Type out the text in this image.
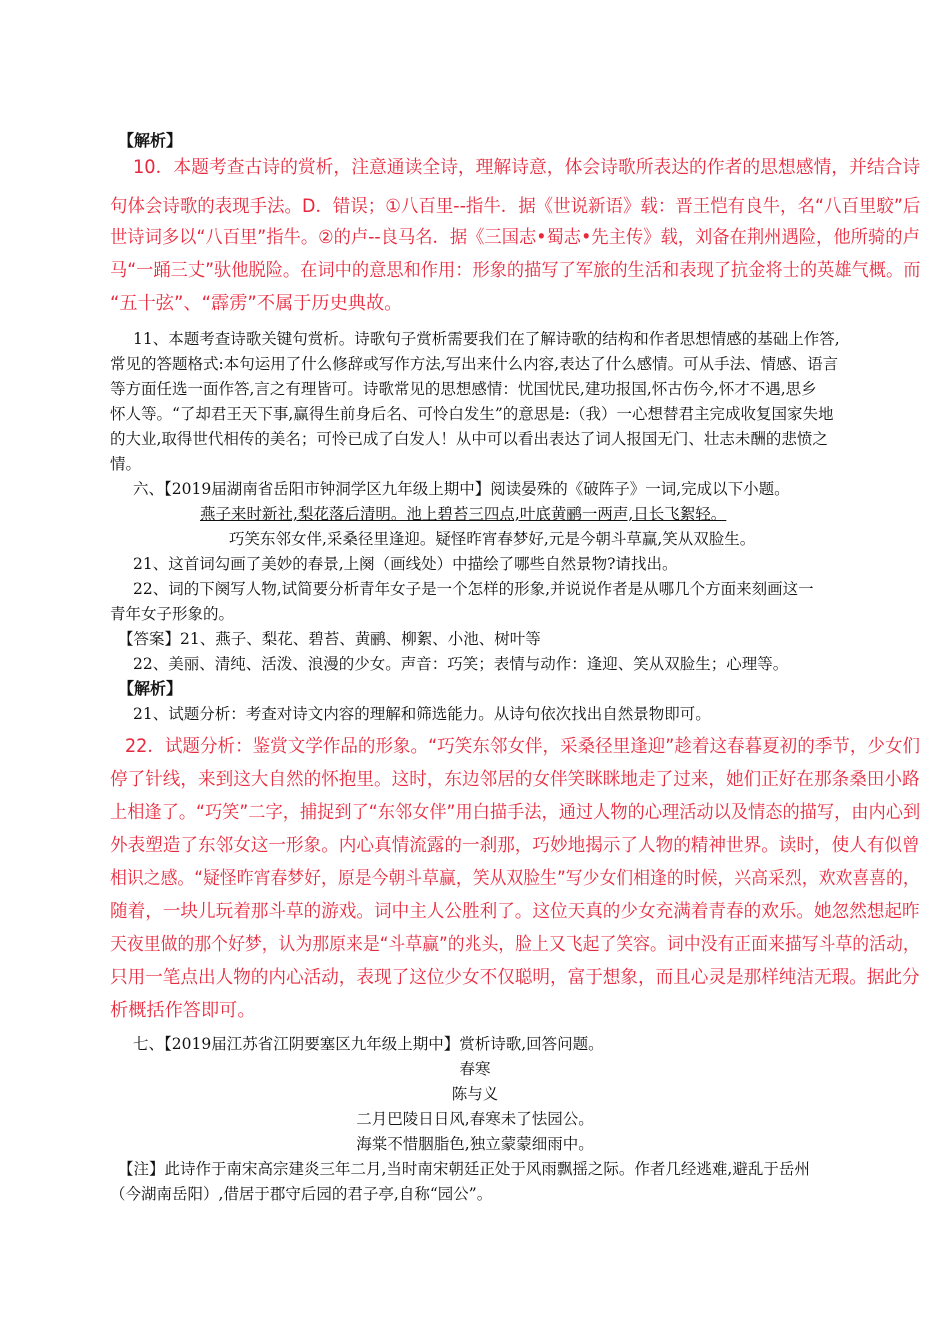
【解析】
10．本题考查古诗的赏析，注意通读全诗，理解诗意，体会诗歌所表达的作者的思想感情，并结合诗
句体会诗歌的表现手法。D．错误；①八百里--指牛．据《世说新语》载：晋王恺有良牛，名“八百里駮”后
世诗词多以“八百里”指牛。②的卢--良马名．据《三国志•蜀志•先主传》载，刘备在荆州遇险，他所骑的卢
马“一踊三丈”驮他脱险。在词中的意思和作用：形象的描写了军旅的生活和表现了抗金将士的英雄气概。而
“五十弦”、“霹雳”不属于历史典故。
11、本题考查诗歌关键句赏析。诗歌句子赏析需要我们在了解诗歌的结构和作者思想情感的基础上作答,
常见的答题格式:本句运用了什么修辞或写作方法,写出来什么内容,表达了什么感情。可从手法、情感、语言
等方面任选一面作答,言之有理皆可。诗歌常见的思想感情：忧国忧民,建功报国,怀古伤今,怀才不遇,思乡
怀人等。“了却君王天下事,赢得生前身后名、可怜白发生”的意思是:（我）一心想替君主完成收复国家失地
的大业,取得世代相传的美名；可怜已成了白发人！从中可以看出表达了词人报国无门、壮志未酬的悲愤之
情。
六、【2019届湖南省岳阳市钟洞学区九年级上期中】阅读晏殊的《破阵子》一词,完成以下小题。
燕子来时新社,梨花落后清明。池上碧苔三四点,叶底黄鹂一两声,日长飞絮轻。
巧笑东邻女伴,采桑径里逢迎。疑怪昨宵春梦好,元是今朝斗草赢,笑从双脸生。
21、这首词勾画了美妙的春景,上阕（画线处）中描绘了哪些自然景物?请找出。
22、词的下阕写人物,试简要分析青年女子是一个怎样的形象,并说说作者是从哪几个方面来刻画这一
青年女子形象的。
【答案】21、燕子、梨花、碧苔、黄鹂、柳絮、小池、树叶等
22、美丽、清纯、活泼、浪漫的少女。声音：巧笑；表情与动作：逢迎、笑从双脸生；心理等。
【解析】
21、试题分析：考查对诗文内容的理解和筛选能力。从诗句依次找出自然景物即可。
22．试题分析：鉴赏文学作品的形象。“巧笑东邻女伴，采桑径里逢迎”趁着这春暮夏初的季节，少女们
停了针线，来到这大自然的怀抱里。这时，东边邻居的女伴笑眯眯地走了过来，她们正好在那条桑田小路
上相逢了。“巧笑”二字，捕捉到了“东邻女伴”用白描手法，通过人物的心理活动以及情态的描写，由内心到
外表塑造了东邻女这一形象。内心真情流露的一刹那，巧妙地揭示了人物的精神世界。读时，使人有似曾
相识之感。“疑怪昨宵春梦好，原是今朝斗草赢，笑从双脸生”写少女们相逢的时候，兴高采烈，欢欢喜喜的，
随着，一块儿玩着那斗草的游戏。词中主人公胜利了。这位天真的少女充满着青春的欢乐。她忽然想起昨
天夜里做的那个好梦，认为那原来是“斗草赢”的兆头，脸上又飞起了笑容。词中没有正面来描写斗草的活动，
只用一笔点出人物的内心活动，表现了这位少女不仅聪明，富于想象，而且心灵是那样纯洁无瑕。据此分
析概括作答即可。
七、【2019届江苏省江阴要塞区九年级上期中】赏析诗歌,回答问题。
春寒
陈与义
二月巴陵日日风,春寒未了怯园公。
海棠不惜胭脂色,独立蒙蒙细雨中。
【注】此诗作于南宋高宗建炎三年二月,当时南宋朝廷正处于风雨飘摇之际。作者几经逃难,避乱于岳州
（今湖南岳阳）,借居于郡守后园的君子亭,自称“园公”。
